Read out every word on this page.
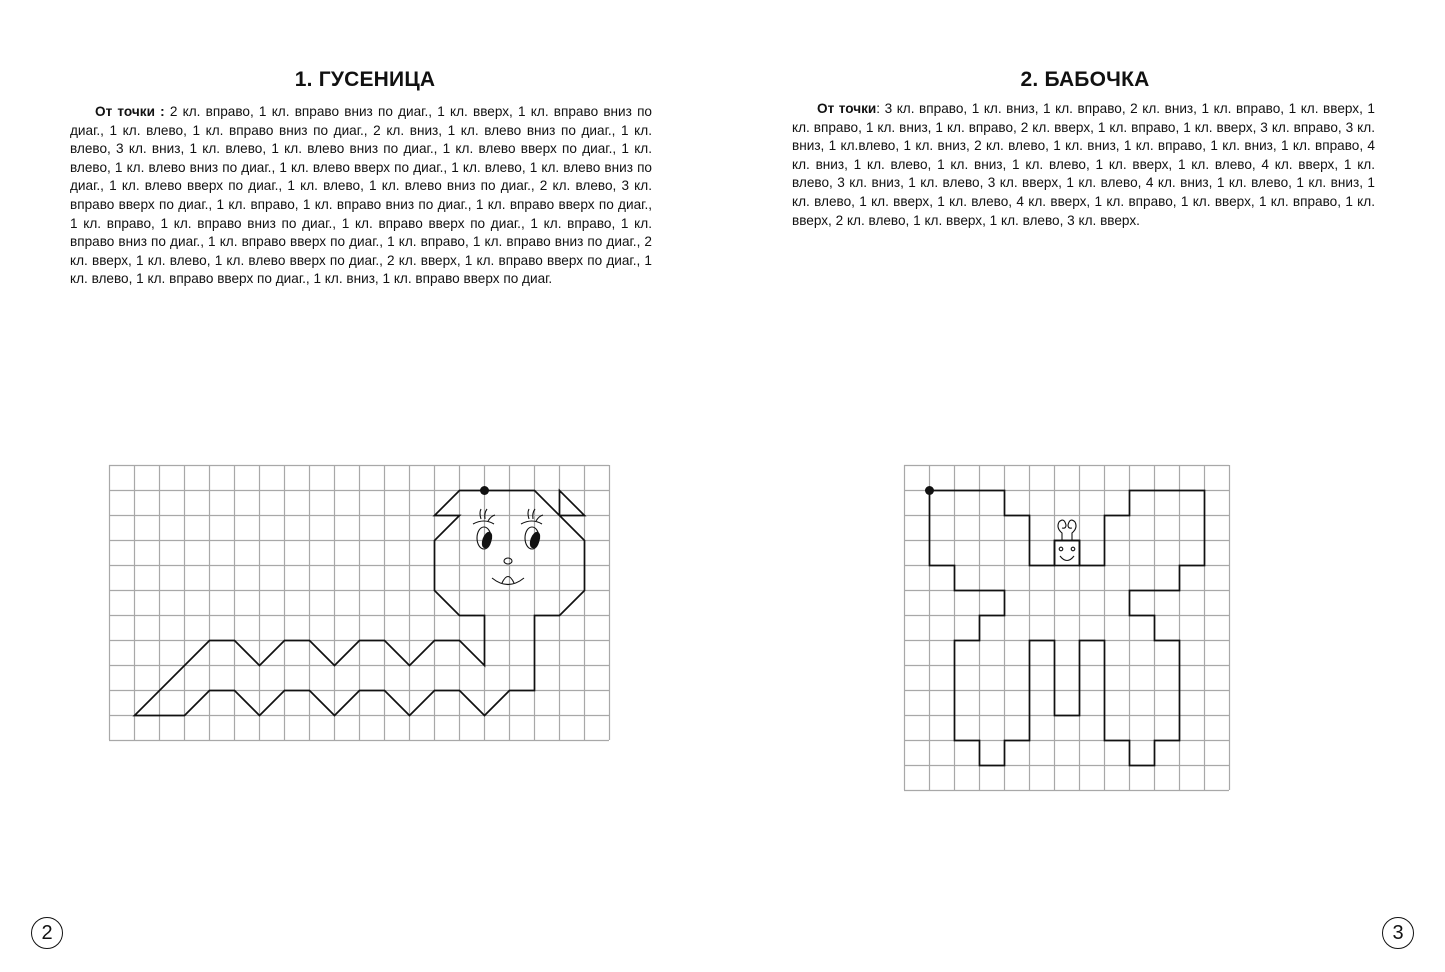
1. ГУСЕНИЦА
От точки : 2 кл. вправо, 1 кл. вправо вниз по диаг., 1 кл. вверх, 1 кл. вправо вниз по диаг., 1 кл. влево, 1 кл. вправо вниз по диаг., 2 кл. вниз, 1 кл. влево вниз по диаг., 1 кл. влево, 3 кл. вниз, 1 кл. влево, 1 кл. влево вниз по диаг., 1 кл. влево вверх по диаг., 1 кл. влево, 1 кл. влево вниз по диаг., 1 кл. влево вверх по диаг., 1 кл. влево, 1 кл. влево вниз по диаг., 1 кл. влево вверх по диаг., 1 кл. влево, 1 кл. влево вниз по диаг., 2 кл. влево, 3 кл. вправо вверх по диаг., 1 кл. вправо, 1 кл. вправо вниз по диаг., 1 кл. вправо вверх по диаг., 1 кл. вправо, 1 кл. вправо вниз по диаг., 1 кл. вправо вверх по диаг., 1 кл. вправо, 1 кл. вправо вниз по диаг., 1 кл. вправо вверх по диаг., 1 кл. вправо, 1 кл. вправо вниз по диаг., 2 кл. вверх, 1 кл. влево, 1 кл. влево вверх по диаг., 2 кл. вверх, 1 кл. вправо вверх по диаг., 1 кл. влево, 1 кл. вправо вверх по диаг., 1 кл. вниз, 1 кл. вправо вверх по диаг.
2
2. БАБОЧКА
От точки: 3 кл. вправо, 1 кл. вниз, 1 кл. вправо, 2 кл. вниз, 1 кл. вправо, 1 кл. вверх, 1 кл. вправо, 1 кл. вниз, 1 кл. вправо, 2 кл. вверх, 1 кл. вправо, 1 кл. вверх, 3 кл. вправо, 3 кл. вниз, 1 кл.влево, 1 кл. вниз, 2 кл. влево, 1 кл. вниз, 1 кл. вправо, 1 кл. вниз, 1 кл. вправо, 4 кл. вниз, 1 кл. влево, 1 кл. вниз, 1 кл. влево, 1 кл. вверх, 1 кл. влево, 4 кл. вверх, 1 кл. влево, 3 кл. вниз, 1 кл. влево, 3 кл. вверх, 1 кл. влево, 4 кл. вниз, 1 кл. влево, 1 кл. вниз, 1 кл. влево, 1 кл. вверх, 1 кл. влево, 4 кл. вверх, 1 кл. вправо, 1 кл. вверх, 1 кл. вправо, 1 кл. вверх, 2 кл. влево, 1 кл. вверх, 1 кл. влево, 3 кл. вверх.
3
